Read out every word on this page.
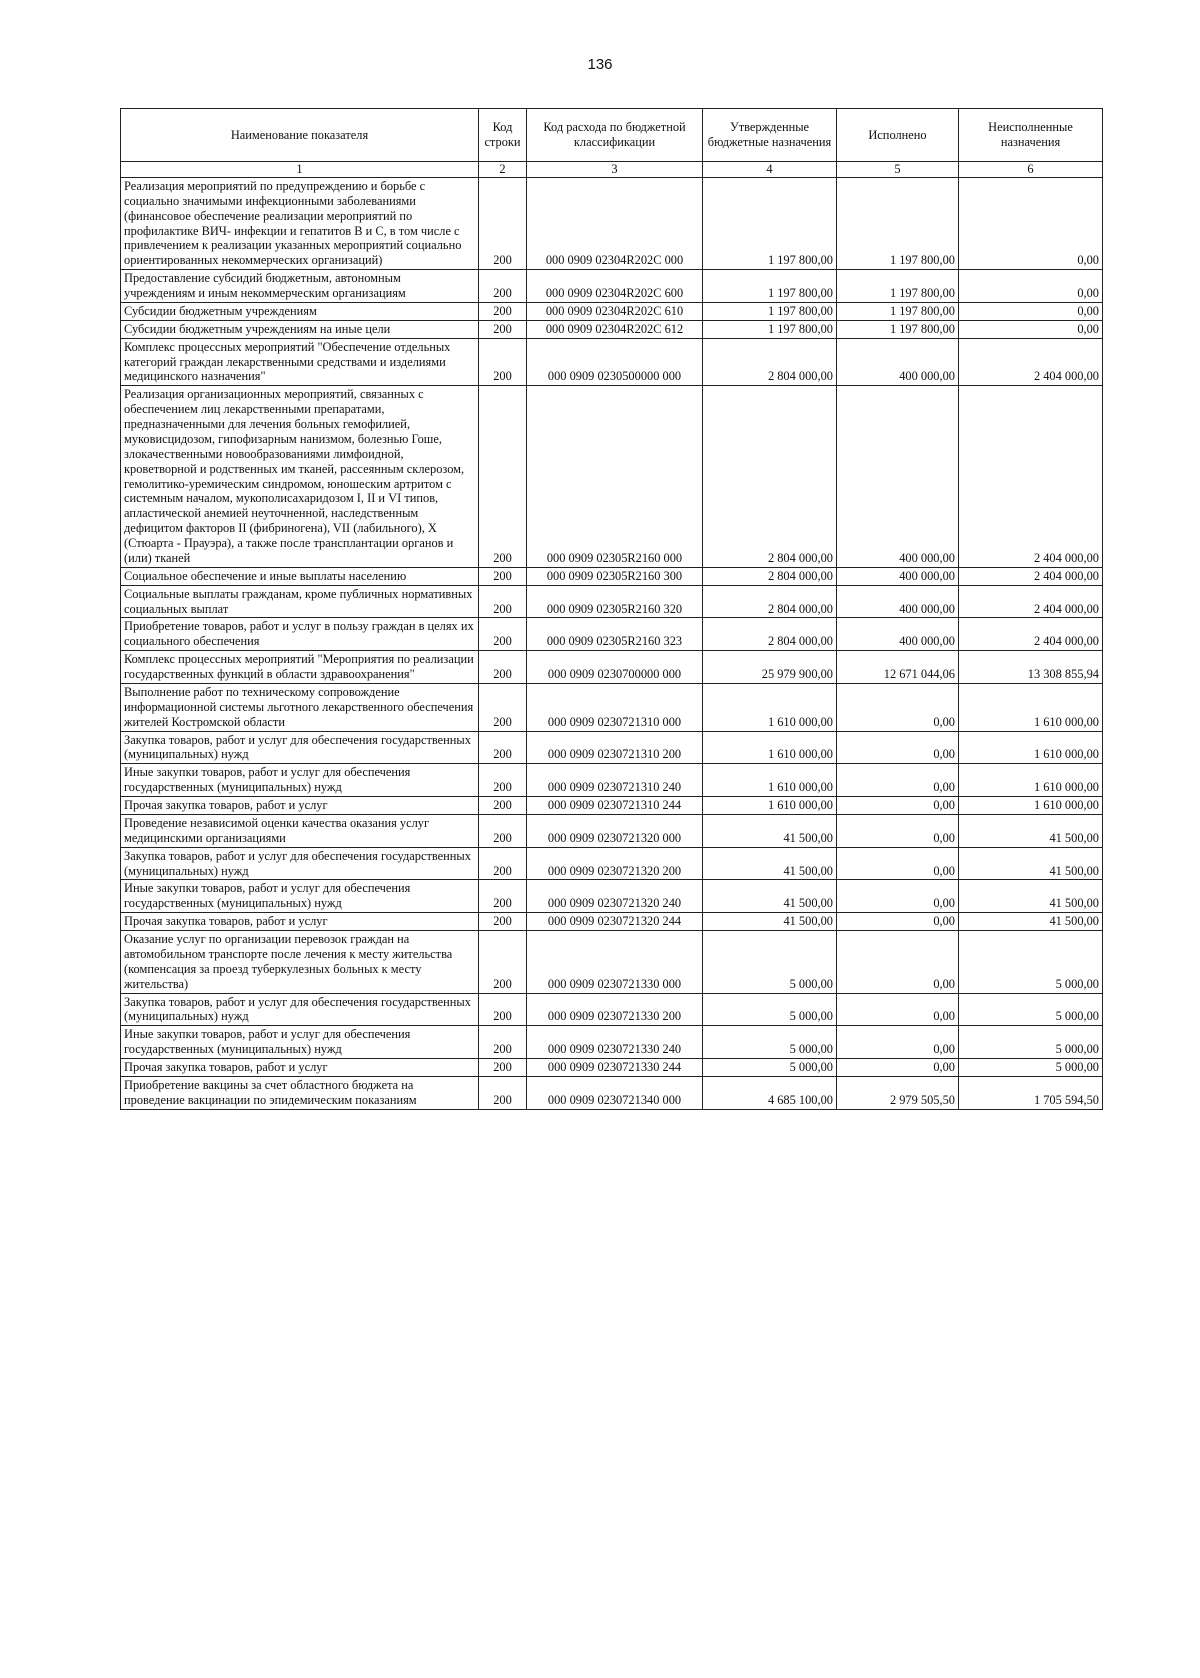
136
Наименование показателя	Код строки	Код расхода по бюджетной классификации	Утвержденные бюджетные назначения	Исполнено	Неисполненные назначения
1	2	3	4	5	6
Реализация мероприятий по предупреждению и борьбе с социально значимыми инфекционными заболеваниями (финансовое обеспечение реализации мероприятий по профилактике ВИЧ- инфекции и гепатитов B и C, в том числе с привлечением к реализации указанных мероприятий социально ориентированных некоммерческих организаций)	200	000 0909 02304R202C 000	1 197 800,00	1 197 800,00	0,00
Предоставление субсидий бюджетным, автономным учреждениям и иным некоммерческим организациям	200	000 0909 02304R202C 600	1 197 800,00	1 197 800,00	0,00
Субсидии бюджетным учреждениям	200	000 0909 02304R202C 610	1 197 800,00	1 197 800,00	0,00
Субсидии бюджетным учреждениям на иные цели	200	000 0909 02304R202C 612	1 197 800,00	1 197 800,00	0,00
Комплекс процессных мероприятий "Обеспечение отдельных категорий граждан лекарственными средствами и изделиями медицинского назначения"	200	000 0909 0230500000 000	2 804 000,00	400 000,00	2 404 000,00
Реализация организационных мероприятий, связанных с обеспечением лиц лекарственными препаратами, предназначенными для лечения больных гемофилией, муковисцидозом, гипофизарным нанизмом, болезнью Гоше, злокачественными новообразованиями лимфоидной, кроветворной и родственных им тканей, рассеянным склерозом, гемолитико-уремическим синдромом, юношеским артритом с системным началом, мукополисахаридозом I, II и VI типов, апластической анемией неуточненной, наследственным дефицитом факторов II (фибриногена), VII (лабильного), X (Стюарта - Прауэра), а также после трансплантации органов и (или) тканей	200	000 0909 02305R2160 000	2 804 000,00	400 000,00	2 404 000,00
Социальное обеспечение и иные выплаты населению	200	000 0909 02305R2160 300	2 804 000,00	400 000,00	2 404 000,00
Социальные выплаты гражданам, кроме публичных нормативных социальных выплат	200	000 0909 02305R2160 320	2 804 000,00	400 000,00	2 404 000,00
Приобретение товаров, работ и услуг в пользу граждан в целях их социального обеспечения	200	000 0909 02305R2160 323	2 804 000,00	400 000,00	2 404 000,00
Комплекс процессных мероприятий "Мероприятия по реализации государственных функций в области здравоохранения"	200	000 0909 0230700000 000	25 979 900,00	12 671 044,06	13 308 855,94
Выполнение работ по техническому сопровождение информационной системы льготного лекарственного обеспечения жителей Костромской области	200	000 0909 0230721310 000	1 610 000,00	0,00	1 610 000,00
Закупка товаров, работ и услуг для обеспечения государственных (муниципальных) нужд	200	000 0909 0230721310 200	1 610 000,00	0,00	1 610 000,00
Иные закупки товаров, работ и услуг для обеспечения государственных (муниципальных) нужд	200	000 0909 0230721310 240	1 610 000,00	0,00	1 610 000,00
Прочая закупка товаров, работ и услуг	200	000 0909 0230721310 244	1 610 000,00	0,00	1 610 000,00
Проведение независимой оценки качества оказания услуг медицинскими организациями	200	000 0909 0230721320 000	41 500,00	0,00	41 500,00
Закупка товаров, работ и услуг для обеспечения государственных (муниципальных) нужд	200	000 0909 0230721320 200	41 500,00	0,00	41 500,00
Иные закупки товаров, работ и услуг для обеспечения государственных (муниципальных) нужд	200	000 0909 0230721320 240	41 500,00	0,00	41 500,00
Прочая закупка товаров, работ и услуг	200	000 0909 0230721320 244	41 500,00	0,00	41 500,00
Оказание услуг по организации перевозок граждан на автомобильном транспорте после лечения к месту жительства (компенсация за проезд туберкулезных больных к месту жительства)	200	000 0909 0230721330 000	5 000,00	0,00	5 000,00
Закупка товаров, работ и услуг для обеспечения государственных (муниципальных) нужд	200	000 0909 0230721330 200	5 000,00	0,00	5 000,00
Иные закупки товаров, работ и услуг для обеспечения государственных (муниципальных) нужд	200	000 0909 0230721330 240	5 000,00	0,00	5 000,00
Прочая закупка товаров, работ и услуг	200	000 0909 0230721330 244	5 000,00	0,00	5 000,00
Приобретение вакцины за счет областного бюджета на проведение вакцинации по эпидемическим показаниям	200	000 0909 0230721340 000	4 685 100,00	2 979 505,50	1 705 594,50
